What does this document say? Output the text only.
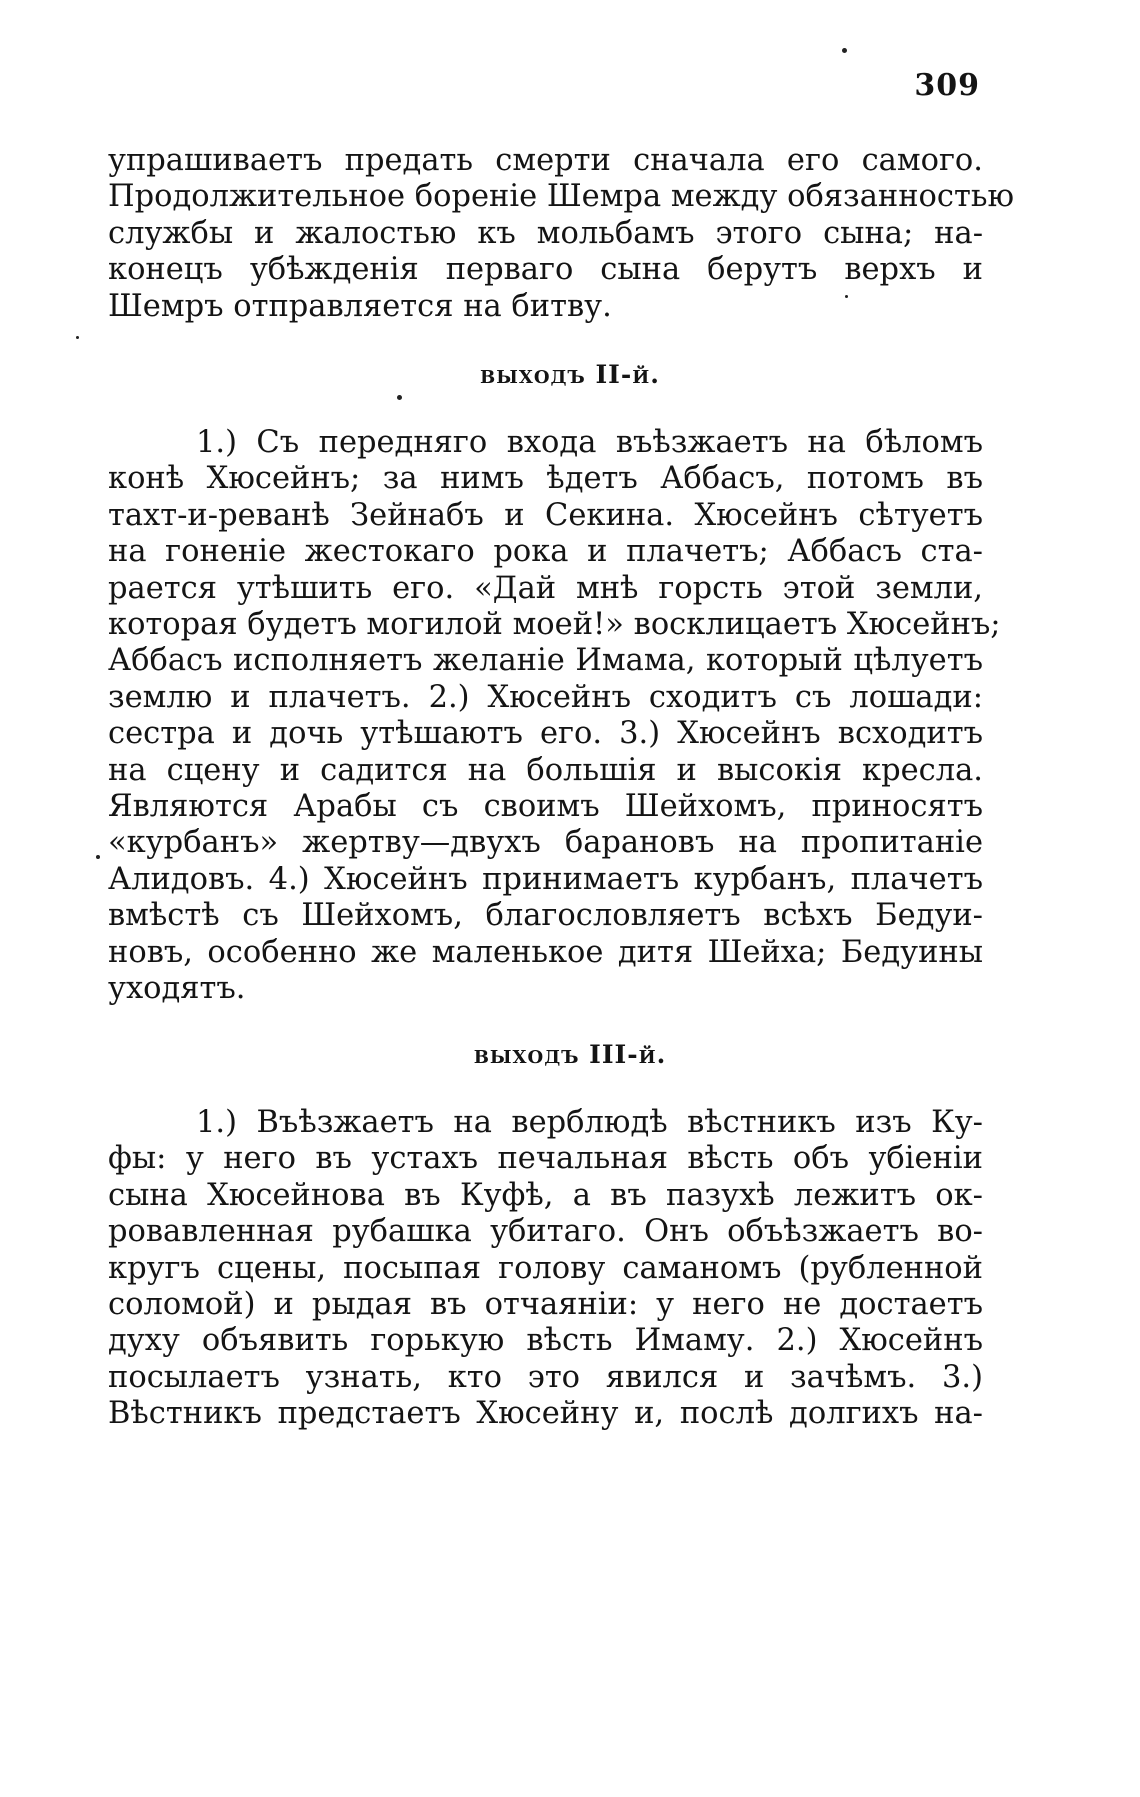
309
упрашиваетъ предать смерти сначала его самого.
Продолжительное бореніе Шемра между обязанностью
службы и жалостью къ мольбамъ этого сына; на-
конецъ убѣжденія перваго сына берутъ верхъ и
Шемръ отправляется на битву.
выходъ II-й.
1.) Съ передняго входа въѣзжаетъ на бѣломъ
конѣ Хюсейнъ; за нимъ ѣдетъ Аббасъ, потомъ въ
тахт-и-реванѣ Зейнабъ и Секина. Хюсейнъ сѣтуетъ
на гоненіе жестокаго рока и плачетъ; Аббасъ ста-
рается утѣшить его. «Дай мнѣ горсть этой земли,
которая будетъ могилой моей!» восклицаетъ Хюсейнъ;
Аббасъ исполняетъ желаніе Имама, который цѣлуетъ
землю и плачетъ. 2.) Хюсейнъ сходитъ съ лошади:
сестра и дочь утѣшаютъ его. 3.) Хюсейнъ всходитъ
на сцену и садится на большія и высокія кресла.
Являются Арабы съ своимъ Шейхомъ, приносятъ
«курбанъ» жертву—двухъ барановъ на пропитаніе
Алидовъ. 4.) Хюсейнъ принимаетъ курбанъ, плачетъ
вмѣстѣ съ Шейхомъ, благословляетъ всѣхъ Бедуи-
новъ, особенно же маленькое дитя Шейха; Бедуины
уходятъ.
выходъ III-й.
1.) Въѣзжаетъ на верблюдѣ вѣстникъ изъ Ку-
фы: у него въ устахъ печальная вѣсть объ убіеніи
сына Хюсейнова въ Куфѣ, а въ пазухѣ лежитъ ок-
ровавленная рубашка убитаго. Онъ объѣзжаетъ во-
кругъ сцены, посыпая голову саманомъ (рубленной
соломой) и рыдая въ отчаяніи: у него не достаетъ
духу объявить горькую вѣсть Имаму. 2.) Хюсейнъ
посылаетъ узнать, кто это явился и зачѣмъ. 3.)
Вѣстникъ предстаетъ Хюсейну и, послѣ долгихъ на-
